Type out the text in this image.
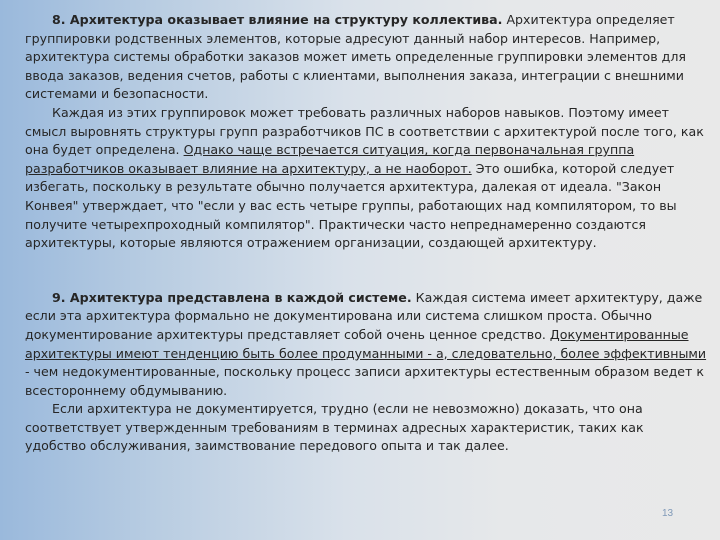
8. Архитектура оказывает влияние на структуру коллектива. Архитектура определяет группировки родственных элементов, которые адресуют данный набор интересов. Например, архитектура системы обработки заказов может иметь определенные группировки элементов для ввода заказов, ведения счетов, работы с клиентами, выполнения заказа, интеграции с внешними системами и безопасности.

Каждая из этих группировок может требовать различных наборов навыков. Поэтому имеет смысл выровнять структуры групп разработчиков ПС в соответствии с архитектурой после того, как она будет определена. Однако чаще встречается ситуация, когда первоначальная группа разработчиков оказывает влияние на архитектуру, а не наоборот. Это ошибка, которой следует избегать, поскольку в результате обычно получается архитектура, далекая от идеала. "Закон Конвея" утверждает, что "если у вас есть четыре группы, работающих над компилятором, то вы получите четырехпроходный компилятор". Практически часто непреднамеренно создаются архитектуры, которые являются отражением организации, создающей архитектуру.

9. Архитектура представлена в каждой системе. Каждая система имеет архитектуру, даже если эта архитектура формально не документирована или система слишком проста. Обычно документирование архитектуры представляет собой очень ценное средство. Документированные архитектуры имеют тенденцию быть более продуманными - а, следовательно, более эффективными - чем недокументированные, поскольку процесс записи архитектуры естественным образом ведет к всестороннему обдумыванию.

Если архитектура не документируется, трудно (если не невозможно) доказать, что она соответствует утвержденным требованиям в терминах адресных характеристик, таких как удобство обслуживания, заимствование передового опыта и так далее.

13
